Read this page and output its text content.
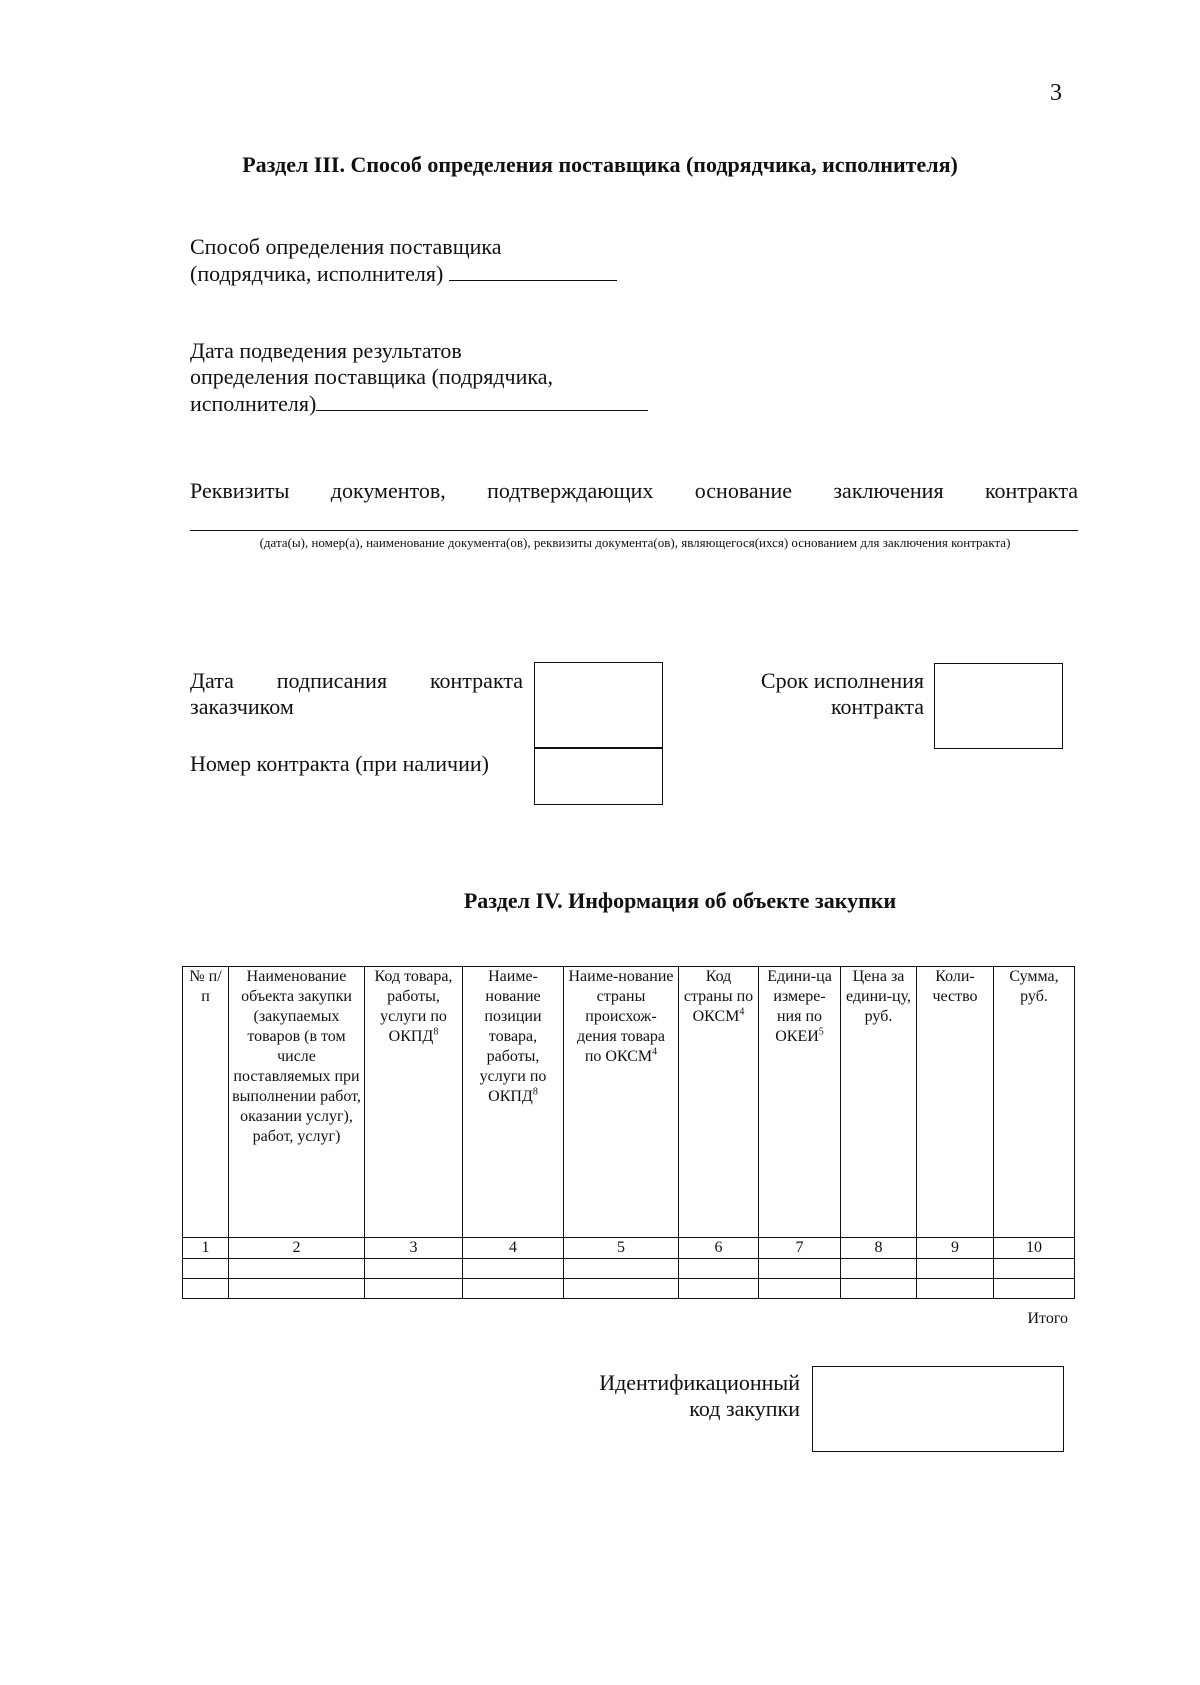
3
Раздел III. Способ определения поставщика (подрядчика, исполнителя)
Способ определения поставщика
(подрядчика, исполнителя)
Дата подведения результатов
определения поставщика (подрядчика,
исполнителя)
Реквизиты документов, подтверждающих основание заключения контракта
(дата(ы), номер(а), наименование документа(ов), реквизиты документа(ов), являющегося(ихся) основанием для заключения контракта)
Дата подписания контракта
заказчиком
Номер контракта (при наличии)
Срок исполнения
контракта
Раздел IV. Информация об объекте закупки
№ п/п	Наименование объекта закупки (закупаемых товаров (в том числе поставляемых при выполнении работ, оказании услуг), работ, услуг)	Код товара, работы, услуги по ОКПД$^8$	Наиме-нование позиции товара, работы, услуги по ОКПД$^8$	Наиме-нование страны происхож-дения товара по ОКСМ$^4$	Код страны по ОКСМ$^4$	Едини-ца измере-ния по ОКЕИ$^5$	Цена за едини-цу, руб.	Коли-чество	Сумма, руб.
1	2	3	4	5	6	7	8	9	10

Итого
Идентификационный
код закупки
